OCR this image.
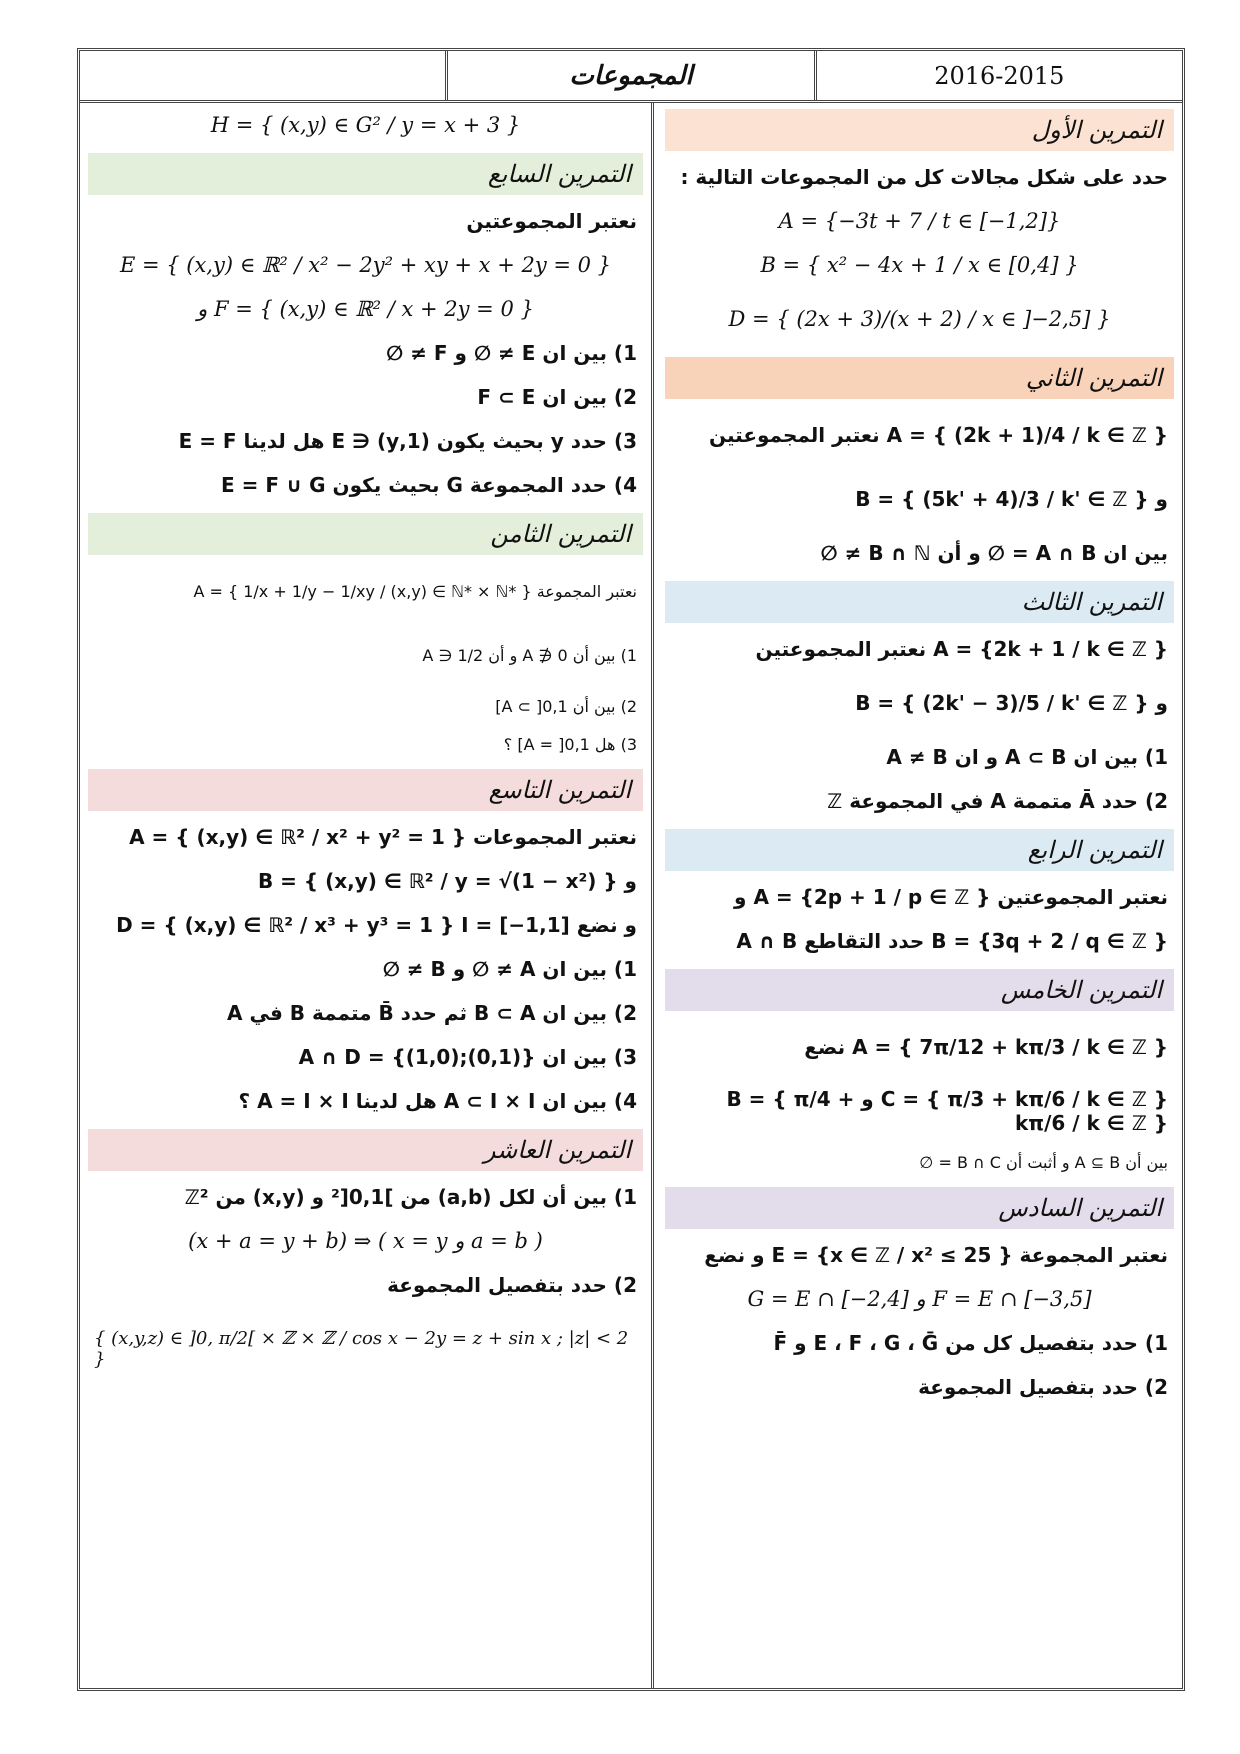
المجموعات	2016-2015
H = { (x,y) ∈ G² / y = x + 3 }
التمرين السابع
نعتبر المجموعتين
E = { (x,y) ∈ ℝ² / x² − 2y² + xy + x + 2y = 0 }
و F = { (x,y) ∈ ℝ² / x + 2y = 0 }
1) بين ان E ≠ ∅ و F ≠ ∅
2) بين ان F ⊂ E
3) حدد y بحيث يكون (1,y) ∈ E هل لدينا E = F
4) حدد المجموعة G بحيث يكون E = F ∪ G
التمرين الثامن
نعتبر المجموعة A = { 1/x + 1/y − 1/xy / (x,y) ∈ ℕ* × ℕ* }
1) بين أن 0 ∉ A و أن 1/2 ∈ A
2) بين أن A ⊂ ]0,1]
3) هل A = ]0,1] ؟
التمرين التاسع
نعتبر المجموعات A = { (x,y) ∈ ℝ² / x² + y² = 1 }
و B = { (x,y) ∈ ℝ² / y = √(1 − x²) }
و نضع D = { (x,y) ∈ ℝ² / x³ + y³ = 1 } I = [−1,1]
1) بين ان A ≠ ∅ و B ≠ ∅
2) بين ان B ⊂ A ثم حدد B̄ متممة B في A
3) بين ان A ∩ D = {(1,0);(0,1)}
4) بين ان A ⊂ I × I هل لدينا A = I × I ؟
التمرين العاشر
1) بين أن لكل (a,b) من ]0,1[² و (x,y) من ℤ²
(x + a = y + b) ⇒ ( x = y و a = b )
2) حدد بتفصيل المجموعة
{ (x,y,z) ∈ ]0, π/2[ × ℤ × ℤ / cos x − 2y = z + sin x ; |z| < 2 }
التمرين الأول
حدد على شكل مجالات كل من المجموعات التالية :
A = {−3t + 7 / t ∈ [−1,2]}
B = { x² − 4x + 1 / x ∈ [0,4] }
D = { (2x + 3)/(x + 2) / x ∈ ]−2,5] }
التمرين الثاني
A = { (2k + 1)/4 / k ∈ ℤ } نعتبر المجموعتين
و B = { (5k' + 4)/3 / k' ∈ ℤ }
بين ان A ∩ B = ∅ و أن B ∩ ℕ ≠ ∅
التمرين الثالث
A = {2k + 1 / k ∈ ℤ } نعتبر المجموعتين
و B = { (2k' − 3)/5 / k' ∈ ℤ }
1) بين ان A ⊂ B و ان A ≠ B
2) حدد Ā متممة A في المجموعة ℤ
التمرين الرابع
نعتبر المجموعتين A = {2p + 1 / p ∈ ℤ } و
B = {3q + 2 / q ∈ ℤ } حدد التقاطع A ∩ B
التمرين الخامس
A = { 7π/12 + kπ/3 / k ∈ ℤ } نضع
C = { π/3 + kπ/6 / k ∈ ℤ } و B = { π/4 + kπ/6 / k ∈ ℤ }
بين أن A ⊆ B و أثبت أن B ∩ C = ∅
التمرين السادس
نعتبر المجموعة E = {x ∈ ℤ / x² ≤ 25 } و نضع
G = E ∩ [−2,4] و F = E ∩ [−3,5]
1) حدد بتفصيل كل من E ، F ، G ، Ḡ و F̄
2) حدد بتفصيل المجموعة
